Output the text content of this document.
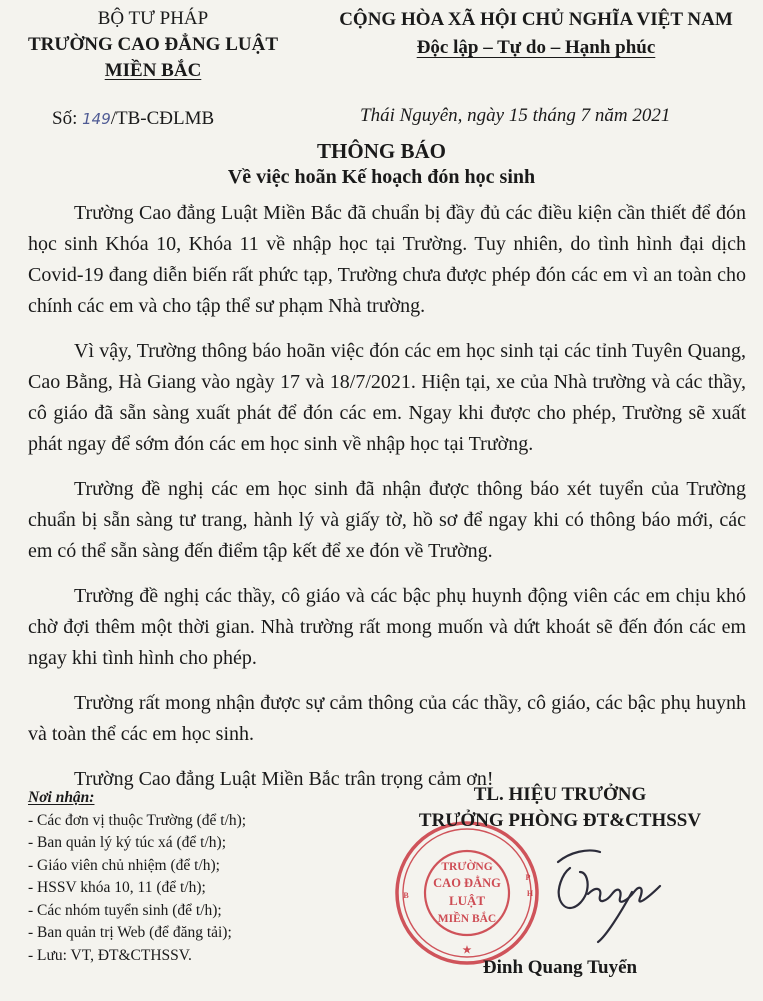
BỘ TƯ PHÁP
TRƯỜNG CAO ĐẲNG LUẬT
MIỀN BẮC
CỘNG HÒA XÃ HỘI CHỦ NGHĨA VIỆT NAM
Độc lập – Tự do – Hạnh phúc
Số: 149/TB-CĐLMB	Thái Nguyên, ngày 15 tháng 7 năm 2021
THÔNG BÁO
Về việc hoãn Kế hoạch đón học sinh

Trường Cao đẳng Luật Miền Bắc đã chuẩn bị đầy đủ các điều kiện cần thiết để đón học sinh Khóa 10, Khóa 11 về nhập học tại Trường. Tuy nhiên, do tình hình đại dịch Covid-19 đang diễn biến rất phức tạp, Trường chưa được phép đón các em vì an toàn cho chính các em và cho tập thể sư phạm Nhà trường.

Vì vậy, Trường thông báo hoãn việc đón các em học sinh tại các tỉnh Tuyên Quang, Cao Bằng, Hà Giang vào ngày 17 và 18/7/2021. Hiện tại, xe của Nhà trường và các thầy, cô giáo đã sẵn sàng xuất phát để đón các em. Ngay khi được cho phép, Trường sẽ xuất phát ngay để sớm đón các em học sinh về nhập học tại Trường.

Trường đề nghị các em học sinh đã nhận được thông báo xét tuyển của Trường chuẩn bị sẵn sàng tư trang, hành lý và giấy tờ, hồ sơ để ngay khi có thông báo mới, các em có thể sẵn sàng đến điểm tập kết để xe đón về Trường.

Trường đề nghị các thầy, cô giáo và các bậc phụ huynh động viên các em chịu khó chờ đợi thêm một thời gian. Nhà trường rất mong muốn và dứt khoát sẽ đến đón các em ngay khi tình hình cho phép.

Trường rất mong nhận được sự cảm thông của các thầy, cô giáo, các bậc phụ huynh và toàn thể các em học sinh.

Trường Cao đẳng Luật Miền Bắc trân trọng cảm ơn!

Nơi nhận:
- Các đơn vị thuộc Trường (để t/h);
- Ban quản lý ký túc xá (để t/h);
- Giáo viên chủ nhiệm (để t/h);
- HSSV khóa 10, 11 (để t/h);
- Các nhóm tuyển sinh (để t/h);
- Ban quản trị Web (để đăng tải);
- Lưu: VT, ĐT&CTHSSV.
TRƯỜNG
CAO ĐẲNG
LUẬT
MIỀN BẮC
★
B
P
H
TL. HIỆU TRƯỞNG
TRƯỞNG PHÒNG ĐT&CTHSSV
Đinh Quang Tuyển
